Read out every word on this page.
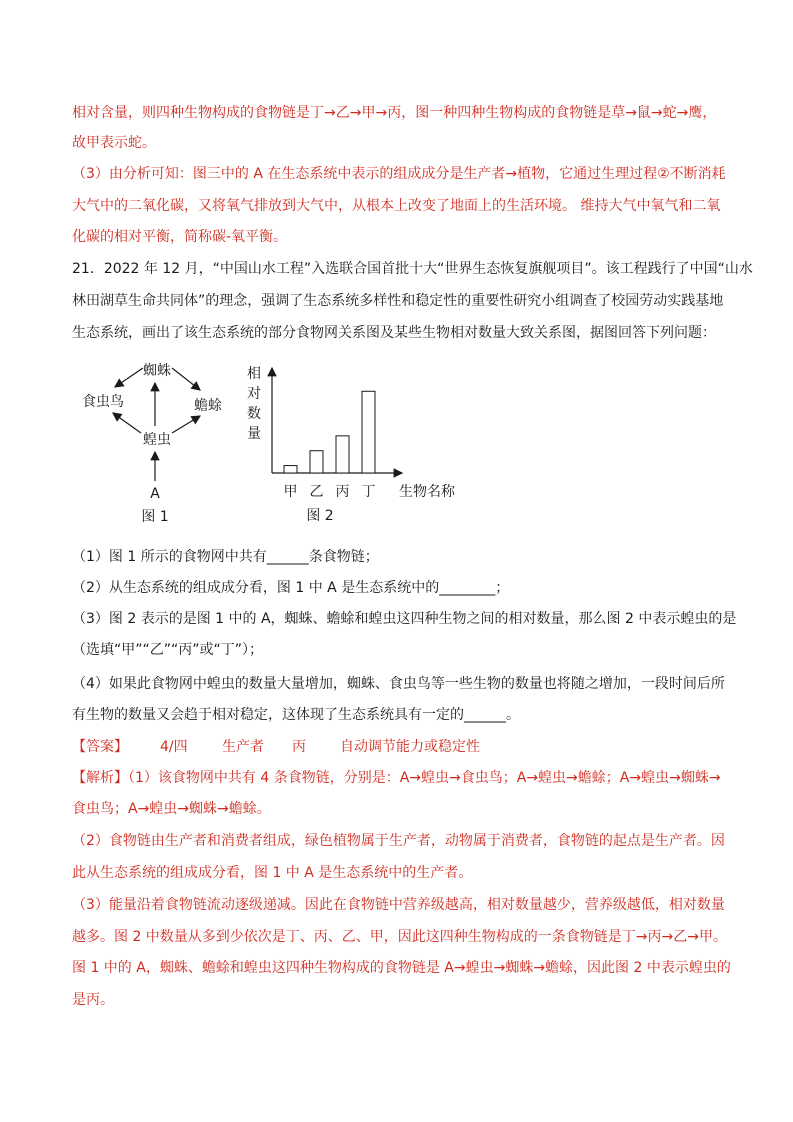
相对含量，则四种生物构成的食物链是丁→乙→甲→丙，图一种四种生物构成的食物链是草→鼠→蛇→鹰，
故甲表示蛇。
（3）由分析可知：图三中的 A 在生态系统中表示的组成成分是生产者→植物，它通过生理过程②不断消耗
大气中的二氧化碳，又将氧气排放到大气中，从根本上改变了地面上的生活环境。 维持大气中氧气和二氧
化碳的相对平衡，简称碳-氧平衡。
21．2022 年 12 月，“中国山水工程”入选联合国首批十大“世界生态恢复旗舰项目”。该工程践行了中国“山水
林田湖草生命共同体”的理念，强调了生态系统多样性和稳定性的重要性研究小组调查了校园劳动实践基地
生态系统，画出了该生态系统的部分食物网关系图及某些生物相对数量大致关系图，据图回答下列问题：
蜘蛛
食虫鸟	蟾蜍
蝗虫
A
图 1
相
对
数
量
甲 乙 丙 丁 生物名称
图 2
（1）图 1 所示的食物网中共有______条食物链；
（2）从生态系统的组成成分看，图 1 中 A 是生态系统中的________；
（3）图 2 表示的是图 1 中的 A，蜘蛛、蟾蜍和蝗虫这四种生物之间的相对数量，那么图 2 中表示蝗虫的是
（选填“甲”“乙”“丙”或“丁”）；
（4）如果此食物网中蝗虫的数量大量增加，蜘蛛、食虫鸟等一些生物的数量也将随之增加，一段时间后所
有生物的数量又会趋于相对稳定，这体现了生态系统具有一定的______。
【答案】 4/四 生产者 丙 自动调节能力或稳定性
【解析】（1）该食物网中共有 4 条食物链，分别是：A→蝗虫→食虫鸟；A→蝗虫→蟾蜍；A→蝗虫→蜘蛛→
食虫鸟；A→蝗虫→蜘蛛→蟾蜍。
（2）食物链由生产者和消费者组成，绿色植物属于生产者，动物属于消费者，食物链的起点是生产者。因
此从生态系统的组成成分看，图 1 中 A 是生态系统中的生产者。
（3）能量沿着食物链流动逐级递减。因此在食物链中营养级越高，相对数量越少，营养级越低，相对数量
越多。图 2 中数量从多到少依次是丁、丙、乙、甲，因此这四种生物构成的一条食物链是丁→丙→乙→甲。
图 1 中的 A，蜘蛛、蟾蜍和蝗虫这四种生物构成的食物链是 A→蝗虫→蜘蛛→蟾蜍，因此图 2 中表示蝗虫的
是丙。
